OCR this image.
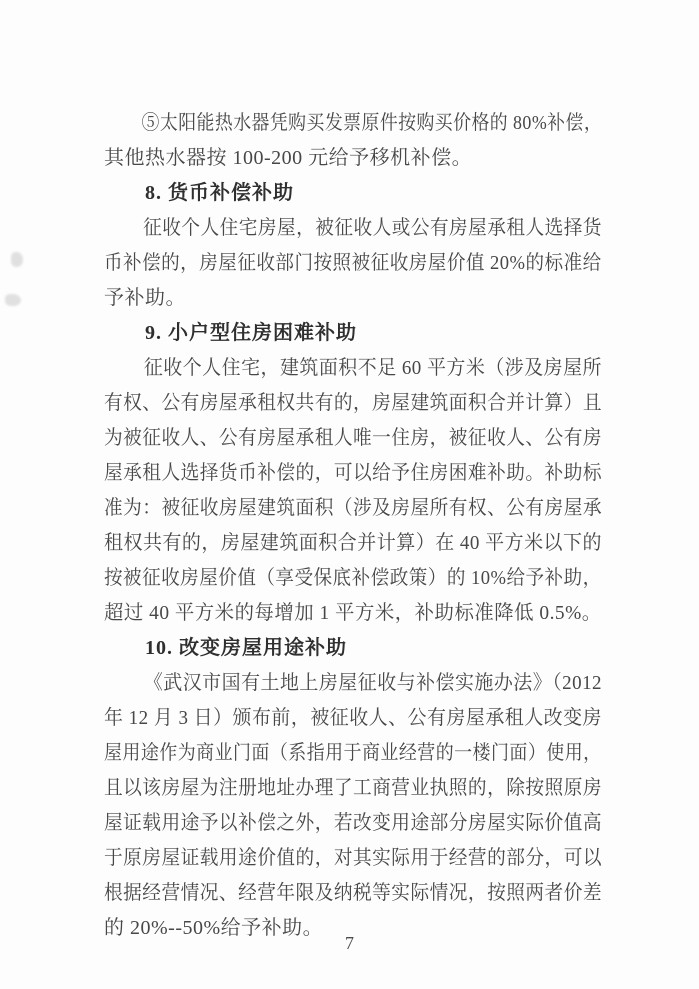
⑤太阳能热水器凭购买发票原件按购买价格的 80%补偿，
其他热水器按 100-200 元给予移机补偿。
8. 货币补偿补助
征收个人住宅房屋，被征收人或公有房屋承租人选择货
币补偿的，房屋征收部门按照被征收房屋价值 20%的标准给
予补助。
9. 小户型住房困难补助
征收个人住宅，建筑面积不足 60 平方米（涉及房屋所
有权、公有房屋承租权共有的，房屋建筑面积合并计算）且
为被征收人、公有房屋承租人唯一住房，被征收人、公有房
屋承租人选择货币补偿的，可以给予住房困难补助。补助标
准为：被征收房屋建筑面积（涉及房屋所有权、公有房屋承
租权共有的，房屋建筑面积合并计算）在 40 平方米以下的
按被征收房屋价值（享受保底补偿政策）的 10%给予补助，
超过 40 平方米的每增加 1 平方米，补助标准降低 0.5%。
10. 改变房屋用途补助
《武汉市国有土地上房屋征收与补偿实施办法》（2012
年 12 月 3 日）颁布前，被征收人、公有房屋承租人改变房
屋用途作为商业门面（系指用于商业经营的一楼门面）使用，
且以该房屋为注册地址办理了工商营业执照的，除按照原房
屋证载用途予以补偿之外，若改变用途部分房屋实际价值高
于原房屋证载用途价值的，对其实际用于经营的部分，可以
根据经营情况、经营年限及纳税等实际情况，按照两者价差
的 20%--50%给予补助。
7
